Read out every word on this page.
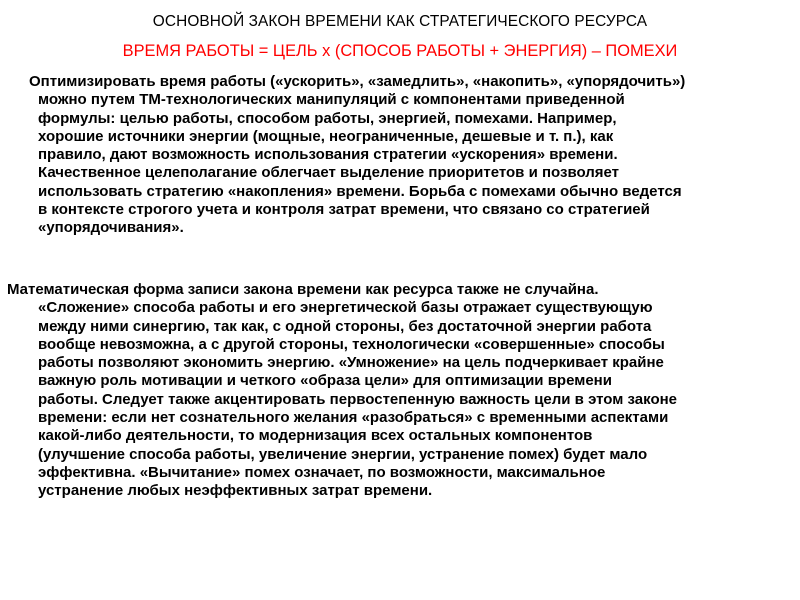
ОСНОВНОЙ ЗАКОН ВРЕМЕНИ КАК СТРАТЕГИЧЕСКОГО РЕСУРСА
ВРЕМЯ РАБОТЫ = ЦЕЛЬ х (СПОСОБ РАБОТЫ + ЭНЕРГИЯ) – ПОМЕХИ
Оптимизировать время работы («ускорить», «замедлить», «накопить», «упорядочить»)
можно путем ТМ-технологических манипуляций с компонентами приведенной
формулы: целью работы, способом работы, энергией, помехами. Например,
хорошие источники энергии (мощные, неограниченные, дешевые и т. п.), как
правило, дают возможность использования стратегии «ускорения» времени.
Качественное целеполагание облегчает выделение приоритетов и позволяет
использовать стратегию «накопления» времени. Борьба с помехами обычно ведется
в контексте строгого учета и контроля затрат времени, что связано со стратегией
«упорядочивания».
Математическая форма записи закона времени как ресурса также не случайна.
«Сложение» способа работы и его энергетической базы отражает существующую
между ними синергию, так как, с одной стороны, без достаточной энергии работа
вообще невозможна, а с другой стороны, технологически «совершенные» способы
работы позволяют экономить энергию. «Умножение» на цель подчеркивает крайне
важную роль мотивации и четкого «образа цели» для оптимизации времени
работы. Следует также акцентировать первостепенную важность цели в этом законе
времени: если нет сознательного желания «разобраться» с временными аспектами
какой-либо деятельности, то модернизация всех остальных компонентов
(улучшение способа работы, увеличение энергии, устранение помех) будет мало
эффективна. «Вычитание» помех означает, по возможности, максимальное
устранение любых неэффективных затрат времени.
